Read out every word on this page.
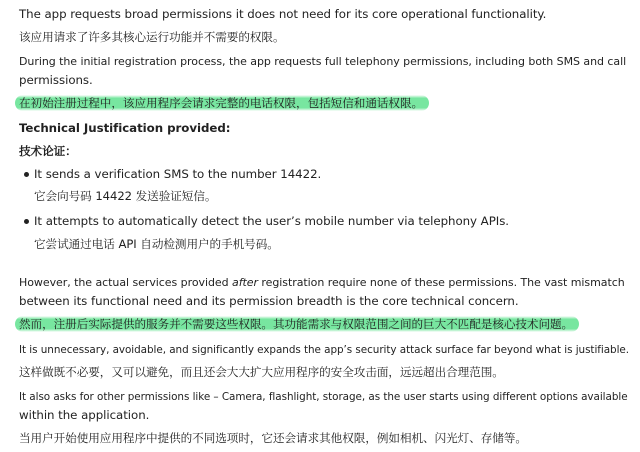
The app requests broad permissions it does not need for its core operational functionality.
该应用请求了许多其核心运行功能并不需要的权限。
During the initial registration process, the app requests full telephony permissions, including both SMS and call
permissions.
在初始注册过程中，该应用程序会请求完整的电话权限，包括短信和通话权限。
Technical Justification provided:
技术论证：
It sends a verification SMS to the number 14422.
它会向号码 14422 发送验证短信。
It attempts to automatically detect the user’s mobile number via telephony APIs.
它尝试通过电话 API 自动检测用户的手机号码。
However, the actual services provided after registration require none of these permissions. The vast mismatch
between its functional need and its permission breadth is the core technical concern.
然而，注册后实际提供的服务并不需要这些权限。其功能需求与权限范围之间的巨大不匹配是核心技术问题。
It is unnecessary, avoidable, and significantly expands the app’s security attack surface far beyond what is justifiable.
这样做既不必要，又可以避免，而且还会大大扩大应用程序的安全攻击面，远远超出合理范围。
It also asks for other permissions like – Camera, flashlight, storage, as the user starts using different options available
within the application.
当用户开始使用应用程序中提供的不同选项时，它还会请求其他权限，例如相机、闪光灯、存储等。
